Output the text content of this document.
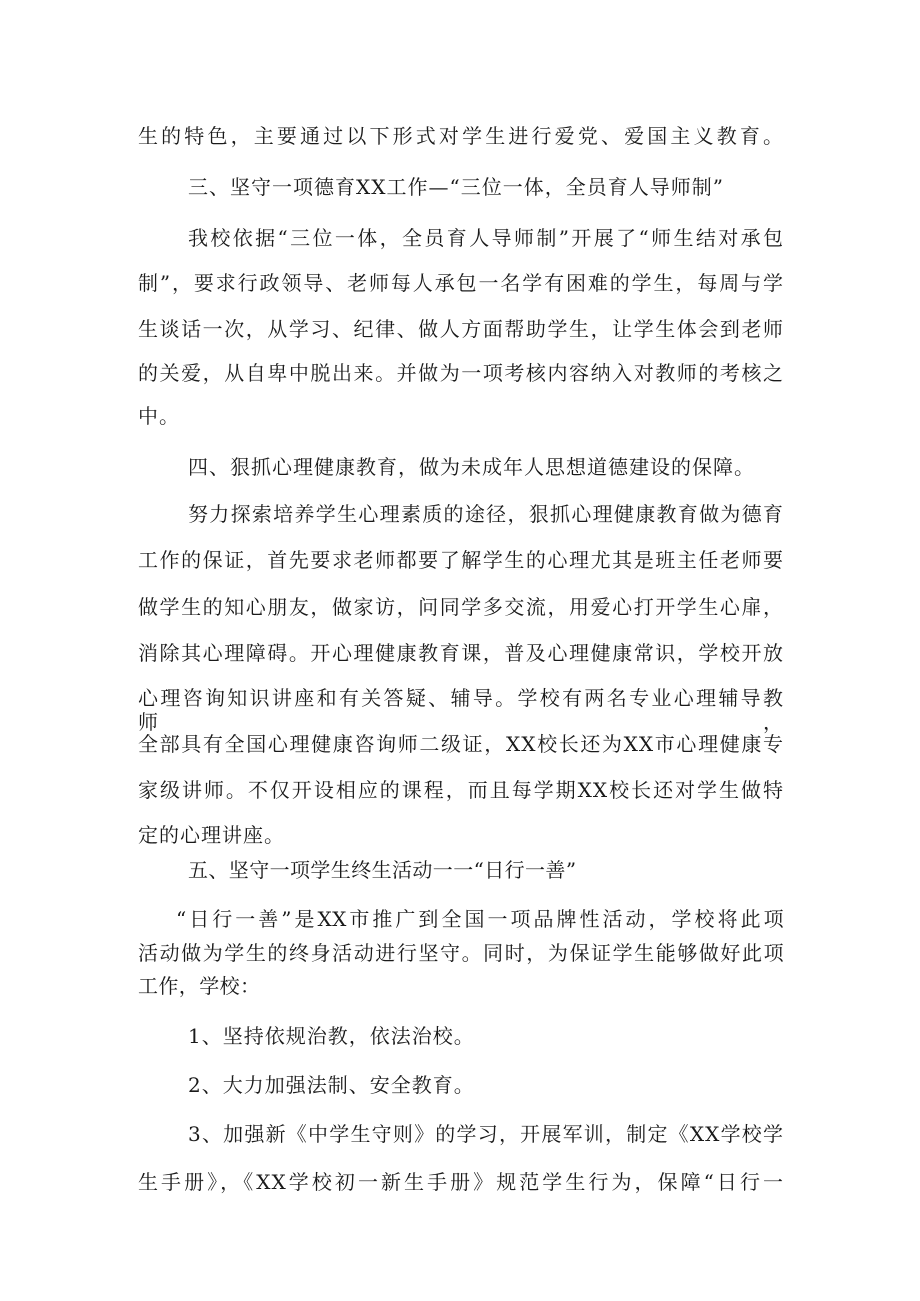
生的特色，主要通过以下形式对学生进行爱党、爱国主义教育。
三、坚守一项德育XX工作—“三位一体，全员育人导师制”
我校依据“三位一体，全员育人导师制”开展了“师生结对承包
制”，要求行政领导、老师每人承包一名学有困难的学生，每周与学
生谈话一次，从学习、纪律、做人方面帮助学生，让学生体会到老师
的关爱，从自卑中脱出来。并做为一项考核内容纳入对教师的考核之
中。
四、狠抓心理健康教育，做为未成年人思想道德建设的保障。
努力探索培养学生心理素质的途径，狠抓心理健康教育做为德育
工作的保证，首先要求老师都要了解学生的心理尤其是班主任老师要
做学生的知心朋友，做家访，问同学多交流，用爱心打开学生心扉，
消除其心理障碍。开心理健康教育课，普及心理健康常识，学校开放
心理咨询知识讲座和有关答疑、辅导。学校有两名专业心理辅导教师，
全部具有全国心理健康咨询师二级证，XX校长还为XX市心理健康专
家级讲师。不仅开设相应的课程，而且每学期XX校长还对学生做特
定的心理讲座。
五、坚守一项学生终生活动一一“日行一善”
“日行一善”是XX市推广到全国一项品牌性活动，学校将此项
活动做为学生的终身活动进行坚守。同时，为保证学生能够做好此项
工作，学校：
1、坚持依规治教，依法治校。
2、大力加强法制、安全教育。
3、加强新《中学生守则》的学习，开展军训，制定《XX学校学
生手册》，《XX学校初一新生手册》规范学生行为，保障“日行一
